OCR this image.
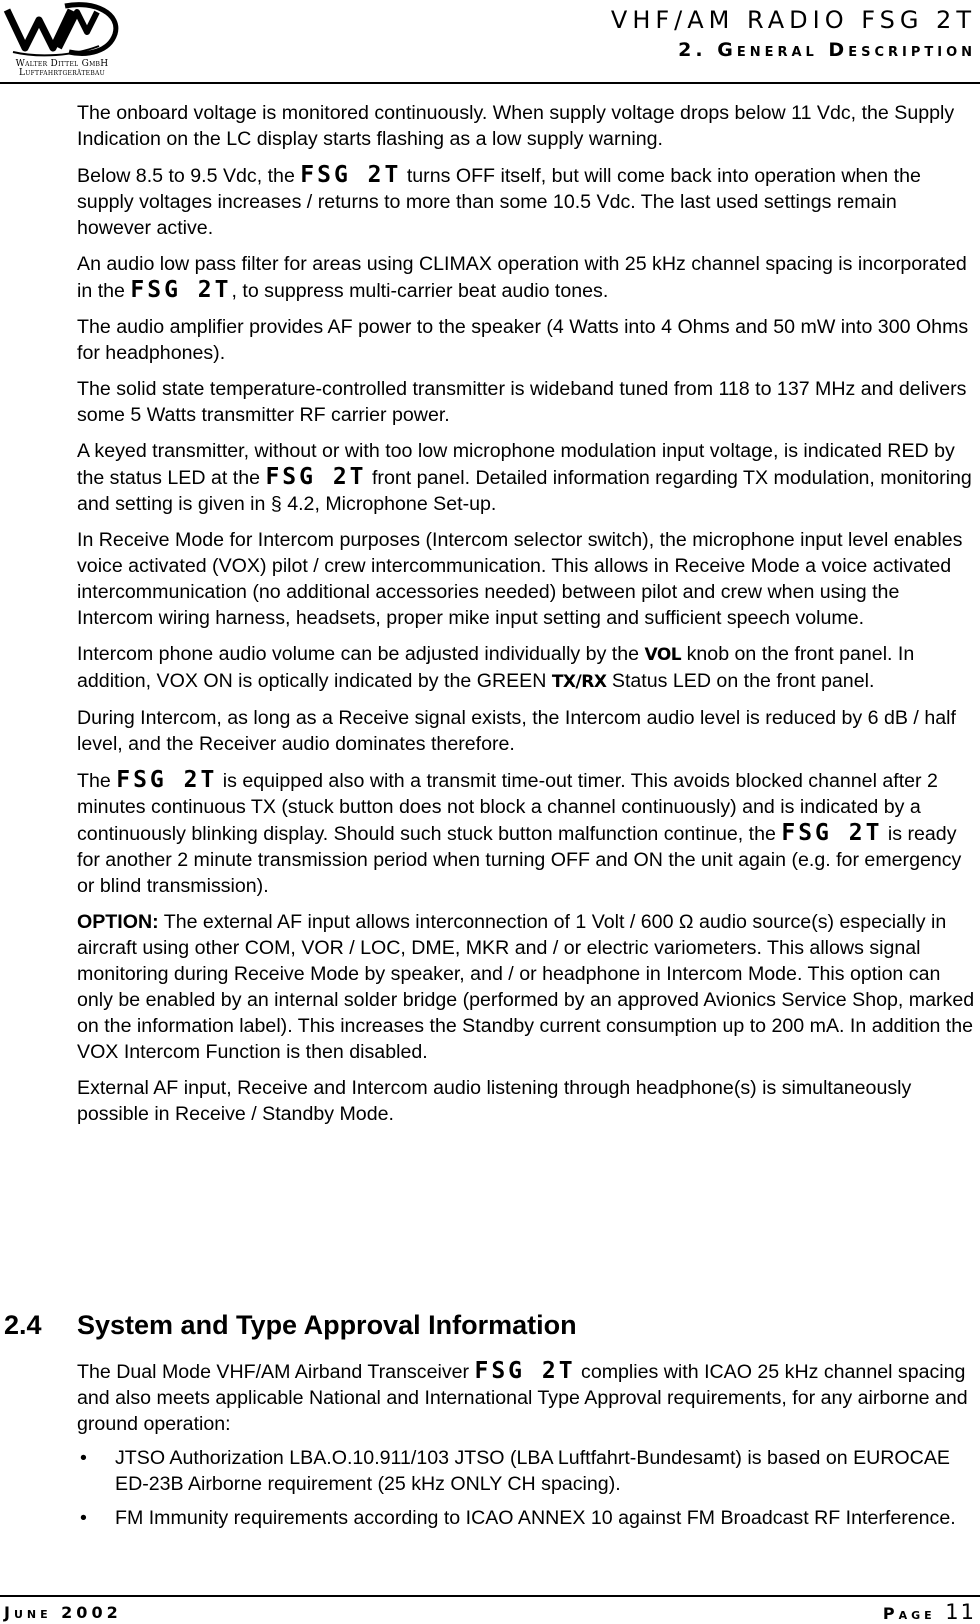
Walter Dittel GmbH
Luftfahrtgerätebau
VHF/AM RADIO FSG 2T
2. General Description

The onboard voltage is monitored continuously. When supply voltage drops below 11 Vdc, the Supply Indication on the LC display starts flashing as a low supply warning.

Below 8.5 to 9.5 Vdc, the FSG 2T turns OFF itself, but will come back into operation when the supply voltages increases / returns to more than some 10.5 Vdc. The last used settings remain however active.

An audio low pass filter for areas using CLIMAX operation with 25 kHz channel spacing is incorporated in the FSG 2T, to suppress multi-carrier beat audio tones.

The audio amplifier provides AF power to the speaker (4 Watts into 4 Ohms and 50 mW into 300 Ohms for headphones).

The solid state temperature-controlled transmitter is wideband tuned from 118 to 137 MHz and delivers some 5 Watts transmitter RF carrier power.

A keyed transmitter, without or with too low microphone modulation input voltage, is indicated RED by the status LED at the FSG 2T front panel. Detailed information regarding TX modulation, monitoring and setting is given in § 4.2, Microphone Set-up.

In Receive Mode for Intercom purposes (Intercom selector switch), the microphone input level enables voice activated (VOX) pilot / crew intercommunication. This allows in Receive Mode a voice activated intercommunication (no additional accessories needed) between pilot and crew when using the Intercom wiring harness, headsets, proper mike input setting and sufficient speech volume.

Intercom phone audio volume can be adjusted individually by the VOL knob on the front panel. In addition, VOX ON is optically indicated by the GREEN TX/RX Status LED on the front panel.

During Intercom, as long as a Receive signal exists, the Intercom audio level is reduced by 6 dB / half level, and the Receiver audio dominates therefore.

The FSG 2T is equipped also with a transmit time-out timer. This avoids blocked channel after 2 minutes continuous TX (stuck button does not block a channel continuously) and is indicated by a continuously blinking display. Should such stuck button malfunction continue, the FSG 2T is ready for another 2 minute transmission period when turning OFF and ON the unit again (e.g. for emergency or blind transmission).

OPTION: The external AF input allows interconnection of 1 Volt / 600 Ω audio source(s) especially in aircraft using other COM, VOR / LOC, DME, MKR and / or electric variometers. This allows signal monitoring during Receive Mode by speaker, and / or headphone in Intercom Mode. This option can only be enabled by an internal solder bridge (performed by an approved Avionics Service Shop, marked on the information label). This increases the Standby current consumption up to 200 mA. In addition the VOX Intercom Function is then disabled.

External AF input, Receive and Intercom audio listening through headphone(s) is simultaneously possible in Receive / Standby Mode.

2.4 System and Type Approval Information

The Dual Mode VHF/AM Airband Transceiver FSG 2T complies with ICAO 25 kHz channel spacing and also meets applicable National and International Type Approval requirements, for any airborne and ground operation:

• JTSO Authorization LBA.O.10.911/103 JTSO (LBA Luftfahrt-Bundesamt) is based on EUROCAE ED-23B Airborne requirement (25 kHz ONLY CH spacing).
• FM Immunity requirements according to ICAO ANNEX 10 against FM Broadcast RF Interference.
June 2002	Page 11
